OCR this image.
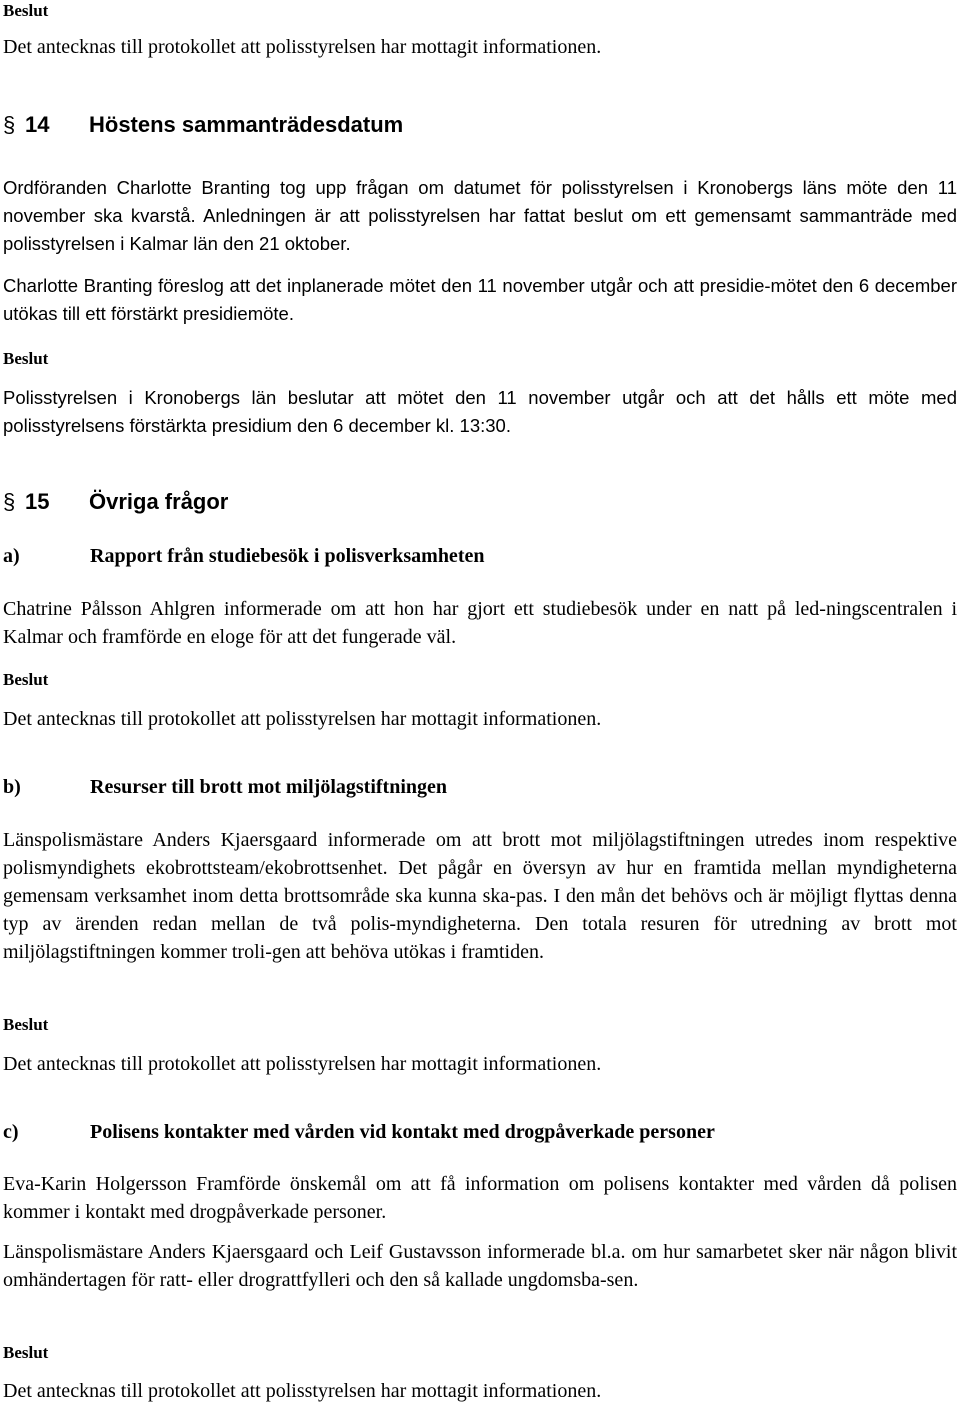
Beslut
Det antecknas till protokollet att polisstyrelsen har mottagit informationen.
§ 14 Höstens sammanträdesdatum
Ordföranden Charlotte Branting tog upp frågan om datumet för polisstyrelsen i Kronobergs läns möte den 11 november ska kvarstå. Anledningen är att polisstyrelsen har fattat beslut om ett gemensamt sammanträde med polisstyrelsen i Kalmar län den 21 oktober.
Charlotte Branting föreslog att det inplanerade mötet den 11 november utgår och att presidie-mötet den 6 december utökas till ett förstärkt presidiemöte.
Beslut
Polisstyrelsen i Kronobergs län beslutar att mötet den 11 november utgår och att det hålls ett möte med polisstyrelsens förstärkta presidium den 6 december kl. 13:30.
§ 15 Övriga frågor
a)	Rapport från studiebesök i polisverksamheten
Chatrine Pålsson Ahlgren informerade om att hon har gjort ett studiebesök under en natt på led-ningscentralen i Kalmar och framförde en eloge för att det fungerade väl.
Beslut
Det antecknas till protokollet att polisstyrelsen har mottagit informationen.
b)	Resurser till brott mot miljölagstiftningen
Länspolismästare Anders Kjaersgaard informerade om att brott mot miljölagstiftningen utredes inom respektive polismyndighets ekobrottsteam/ekobrottsenhet. Det pågår en översyn av hur en framtida mellan myndigheterna gemensam verksamhet inom detta brottsområde ska kunna ska-pas. I den mån det behövs och är möjligt flyttas denna typ av ärenden redan mellan de två polis-myndigheterna. Den totala resuren för utredning av brott mot miljölagstiftningen kommer troli-gen att behöva utökas i framtiden.
Beslut
Det antecknas till protokollet att polisstyrelsen har mottagit informationen.
c)	Polisens kontakter med vården vid kontakt med drogpåverkade personer
Eva-Karin Holgersson Framförde önskemål om att få information om polisens kontakter med vården då polisen kommer i kontakt med drogpåverkade personer.
Länspolismästare Anders Kjaersgaard och Leif Gustavsson informerade bl.a. om hur samarbetet sker när någon blivit omhändertagen för ratt- eller drograttfylleri och den så kallade ungdomsba-sen.
Beslut
Det antecknas till protokollet att polisstyrelsen har mottagit informationen.
